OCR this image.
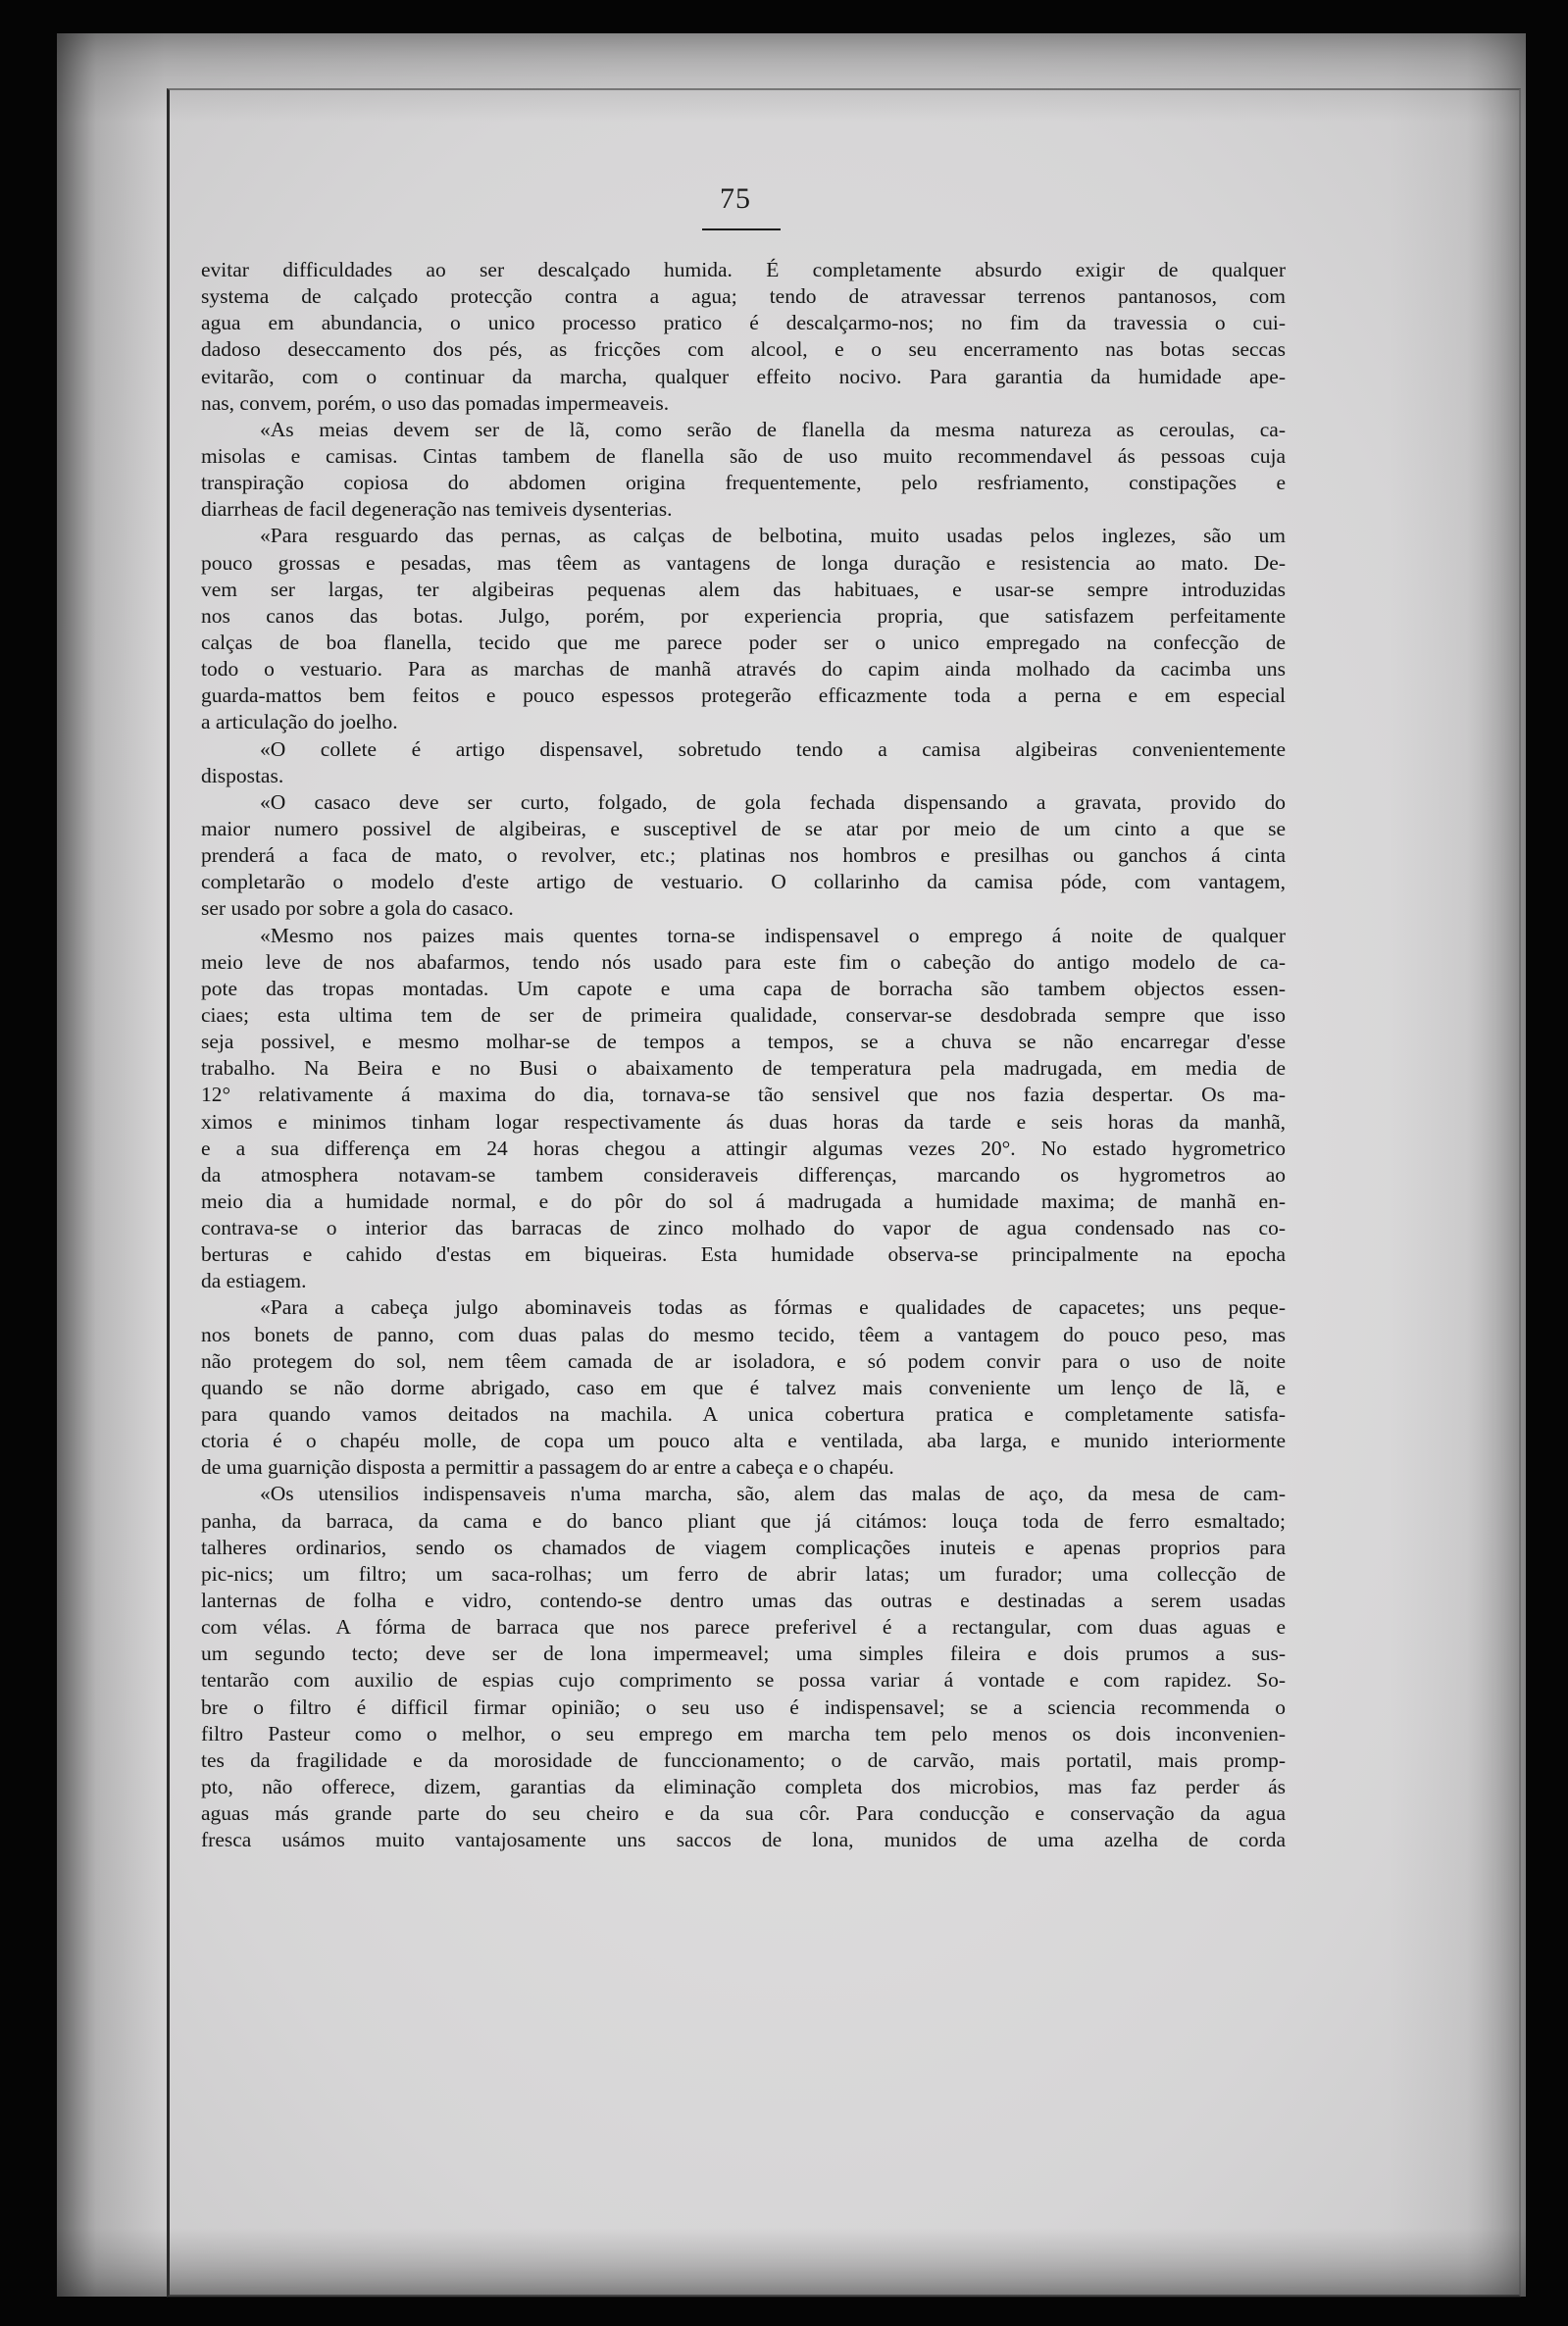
75
evitar difficuldades ao ser descalçado humida. É completamente absurdo exigir de qualquer
systema de calçado protecção contra a agua; tendo de atravessar terrenos pantanosos, com
agua em abundancia, o unico processo pratico é descalçarmo-nos; no fim da travessia o cui-
dadoso deseccamento dos pés, as fricções com alcool, e o seu encerramento nas botas seccas
evitarão, com o continuar da marcha, qualquer effeito nocivo. Para garantia da humidade ape-
nas, convem, porém, o uso das pomadas impermeaveis.
«As meias devem ser de lã, como serão de flanella da mesma natureza as ceroulas, ca-
misolas e camisas. Cintas tambem de flanella são de uso muito recommendavel ás pessoas cuja
transpiração copiosa do abdomen origina frequentemente, pelo resfriamento, constipações e
diarrheas de facil degeneração nas temiveis dysenterias.
«Para resguardo das pernas, as calças de belbotina, muito usadas pelos inglezes, são um
pouco grossas e pesadas, mas têem as vantagens de longa duração e resistencia ao mato. De-
vem ser largas, ter algibeiras pequenas alem das habituaes, e usar-se sempre introduzidas
nos canos das botas. Julgo, porém, por experiencia propria, que satisfazem perfeitamente
calças de boa flanella, tecido que me parece poder ser o unico empregado na confecção de
todo o vestuario. Para as marchas de manhã através do capim ainda molhado da cacimba uns
guarda-mattos bem feitos e pouco espessos protegerão efficazmente toda a perna e em especial
a articulação do joelho.
«O collete é artigo dispensavel, sobretudo tendo a camisa algibeiras convenientemente
dispostas.
«O casaco deve ser curto, folgado, de gola fechada dispensando a gravata, provido do
maior numero possivel de algibeiras, e susceptivel de se atar por meio de um cinto a que se
prenderá a faca de mato, o revolver, etc.; platinas nos hombros e presilhas ou ganchos á cinta
completarão o modelo d'este artigo de vestuario. O collarinho da camisa póde, com vantagem,
ser usado por sobre a gola do casaco.
«Mesmo nos paizes mais quentes torna-se indispensavel o emprego á noite de qualquer
meio leve de nos abafarmos, tendo nós usado para este fim o cabeção do antigo modelo de ca-
pote das tropas montadas. Um capote e uma capa de borracha são tambem objectos essen-
ciaes; esta ultima tem de ser de primeira qualidade, conservar-se desdobrada sempre que isso
seja possivel, e mesmo molhar-se de tempos a tempos, se a chuva se não encarregar d'esse
trabalho. Na Beira e no Busi o abaixamento de temperatura pela madrugada, em media de
12° relativamente á maxima do dia, tornava-se tão sensivel que nos fazia despertar. Os ma-
ximos e minimos tinham logar respectivamente ás duas horas da tarde e seis horas da manhã,
e a sua differença em 24 horas chegou a attingir algumas vezes 20°. No estado hygrometrico
da atmosphera notavam-se tambem consideraveis differenças, marcando os hygrometros ao
meio dia a humidade normal, e do pôr do sol á madrugada a humidade maxima; de manhã en-
contrava-se o interior das barracas de zinco molhado do vapor de agua condensado nas co-
berturas e cahido d'estas em biqueiras. Esta humidade observa-se principalmente na epocha
da estiagem.
«Para a cabeça julgo abominaveis todas as fórmas e qualidades de capacetes; uns peque-
nos bonets de panno, com duas palas do mesmo tecido, têem a vantagem do pouco peso, mas
não protegem do sol, nem têem camada de ar isoladora, e só podem convir para o uso de noite
quando se não dorme abrigado, caso em que é talvez mais conveniente um lenço de lã, e
para quando vamos deitados na machila. A unica cobertura pratica e completamente satisfa-
ctoria é o chapéu molle, de copa um pouco alta e ventilada, aba larga, e munido interiormente
de uma guarnição disposta a permittir a passagem do ar entre a cabeça e o chapéu.
«Os utensilios indispensaveis n'uma marcha, são, alem das malas de aço, da mesa de cam-
panha, da barraca, da cama e do banco pliant que já citámos: louça toda de ferro esmaltado;
talheres ordinarios, sendo os chamados de viagem complicações inuteis e apenas proprios para
pic-nics; um filtro; um saca-rolhas; um ferro de abrir latas; um furador; uma collecção de
lanternas de folha e vidro, contendo-se dentro umas das outras e destinadas a serem usadas
com vélas. A fórma de barraca que nos parece preferivel é a rectangular, com duas aguas e
um segundo tecto; deve ser de lona impermeavel; uma simples fileira e dois prumos a sus-
tentarão com auxilio de espias cujo comprimento se possa variar á vontade e com rapidez. So-
bre o filtro é difficil firmar opinião; o seu uso é indispensavel; se a sciencia recommenda o
filtro Pasteur como o melhor, o seu emprego em marcha tem pelo menos os dois inconvenien-
tes da fragilidade e da morosidade de funccionamento; o de carvão, mais portatil, mais promp-
pto, não offerece, dizem, garantias da eliminação completa dos microbios, mas faz perder ás
aguas más grande parte do seu cheiro e da sua côr. Para conducção e conservação da agua
fresca usámos muito vantajosamente uns saccos de lona, munidos de uma azelha de corda
